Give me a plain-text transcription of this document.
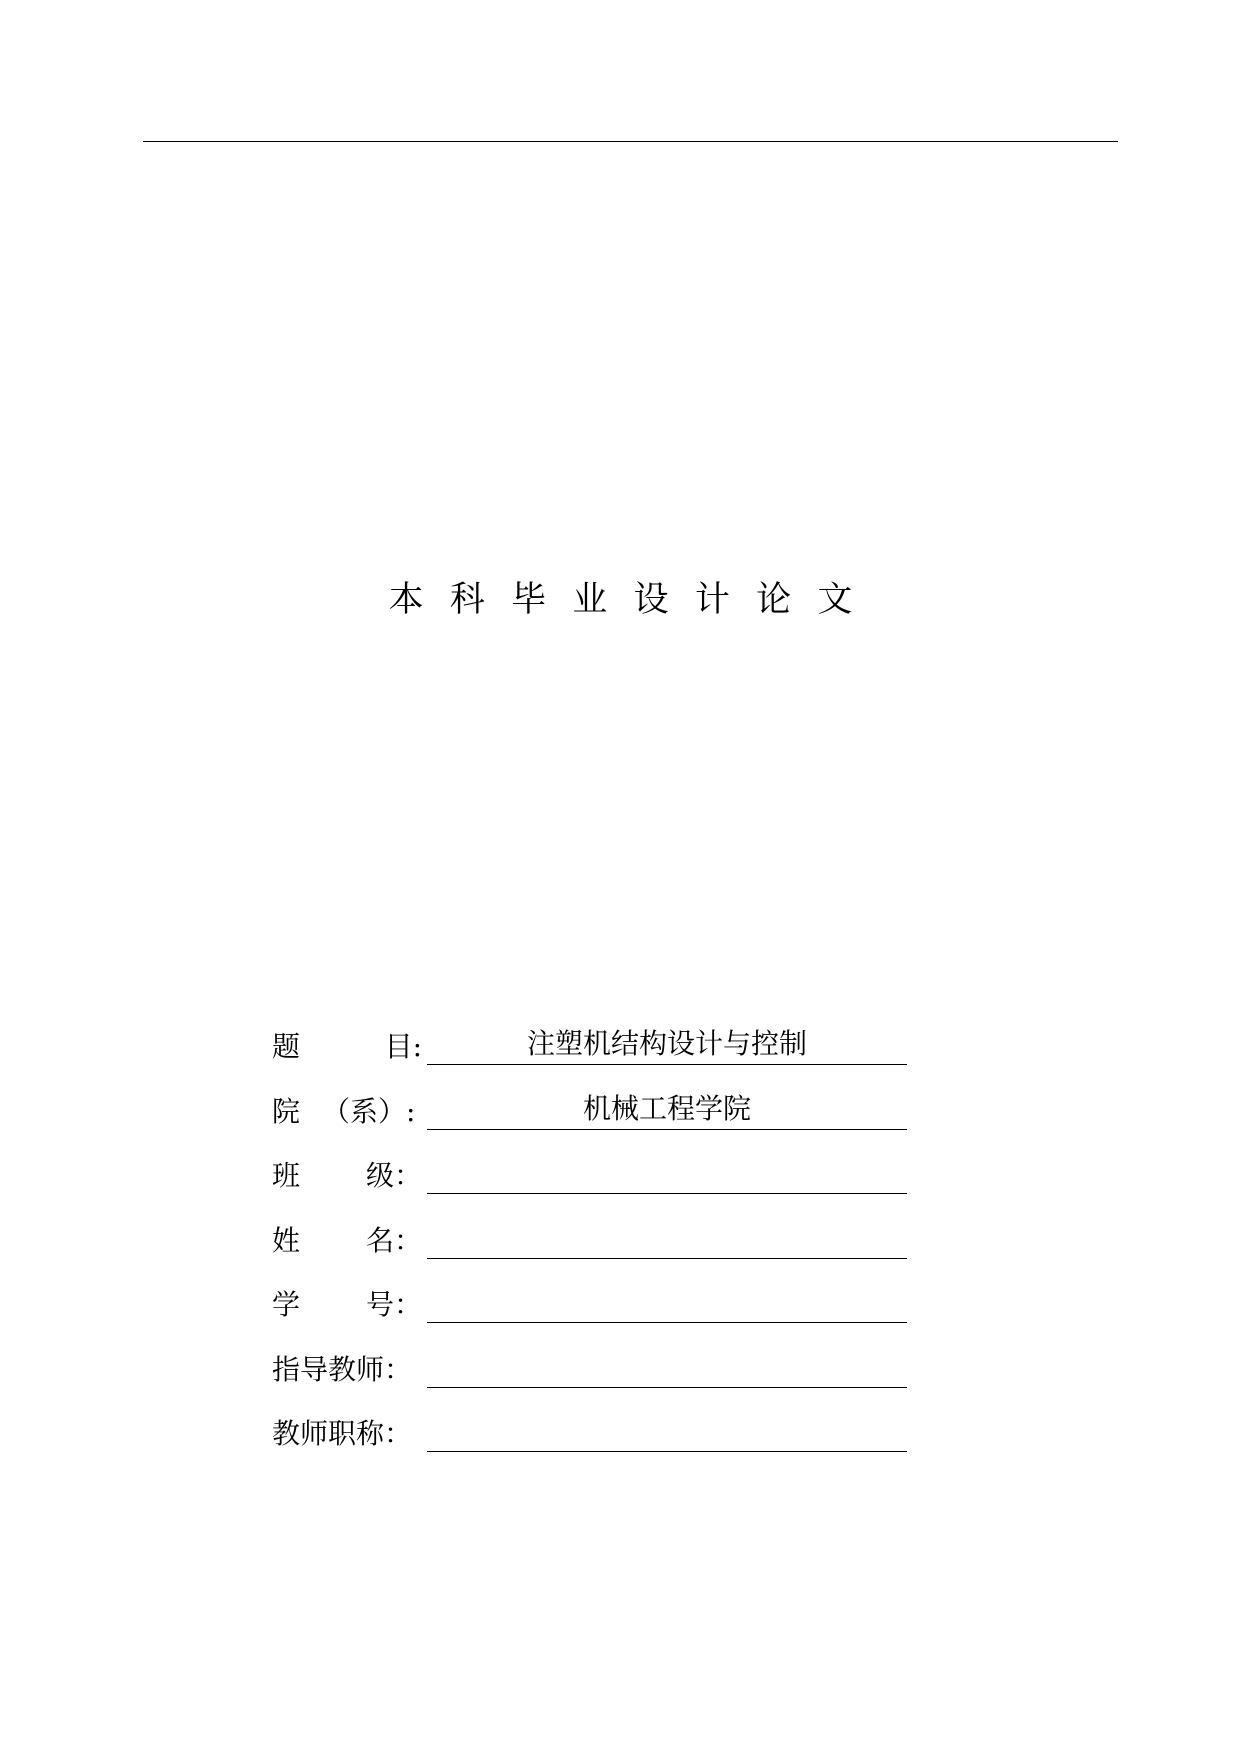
本科毕业设计论文
题	目:	注塑机结构设计与控制
院 （系）:	机械工程学院
班 级：
姓 名：
学 号：
指导教师：
教师职称：
